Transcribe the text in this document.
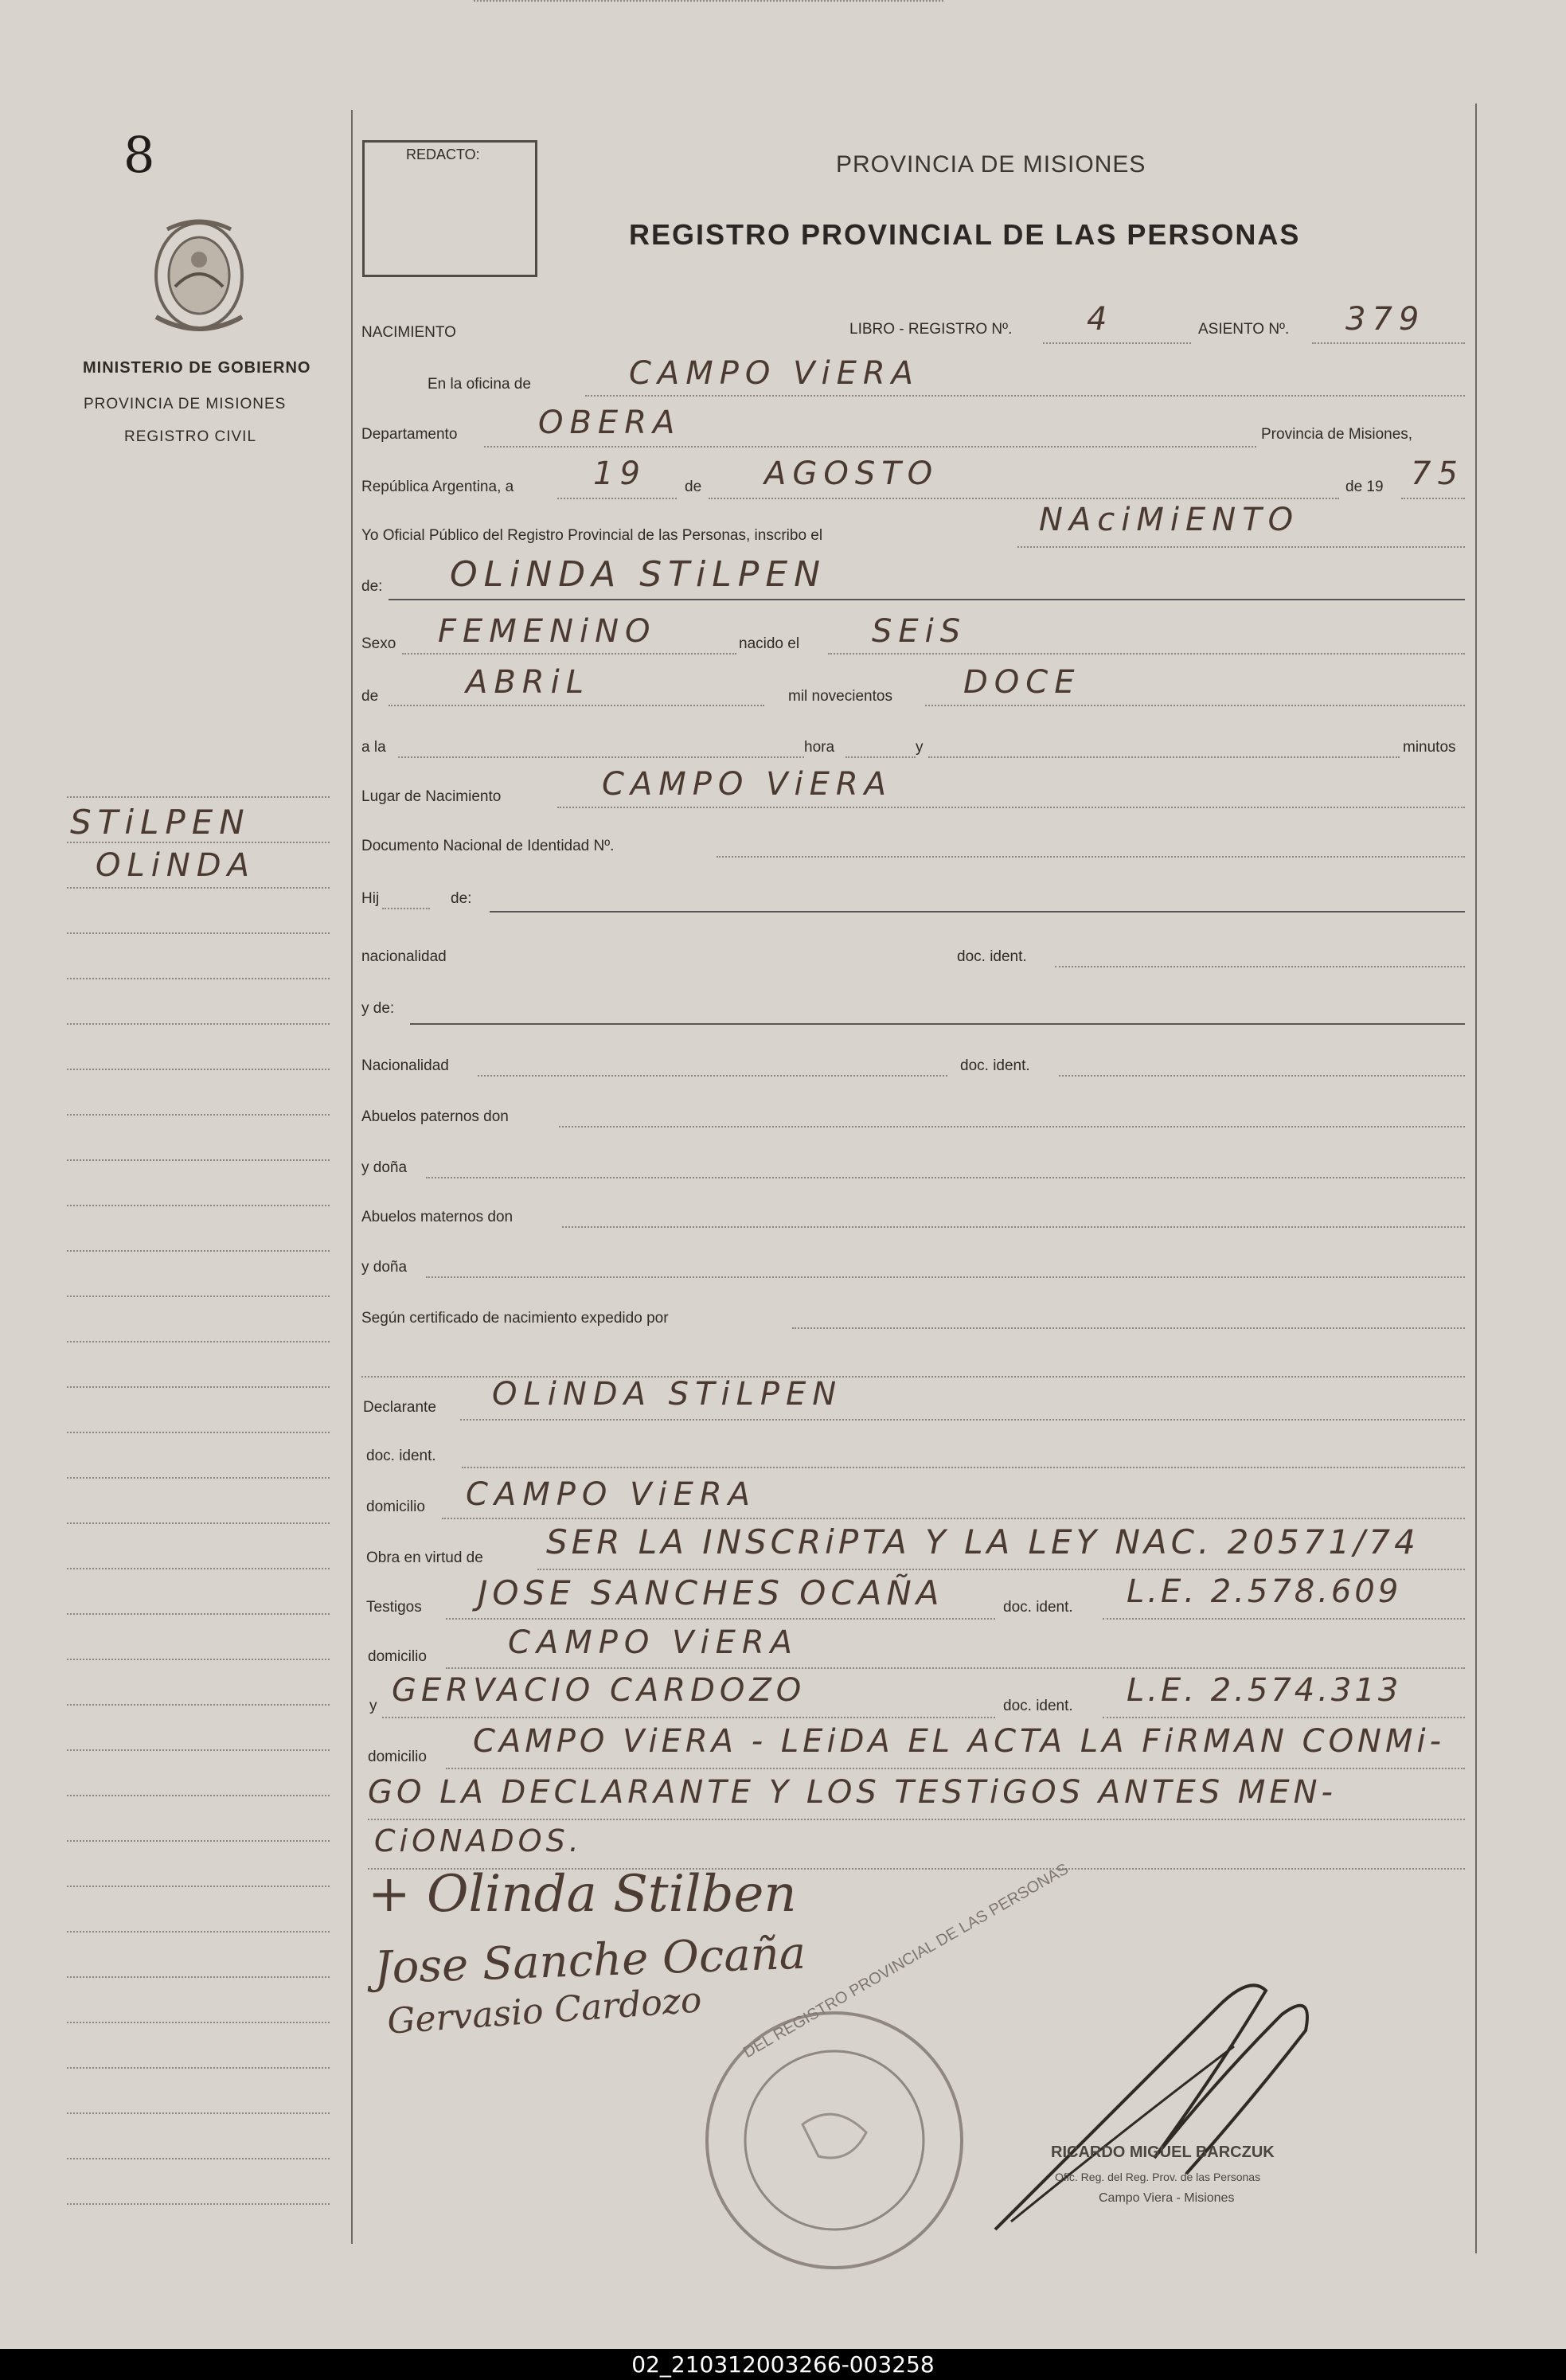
8
MINISTERIO DE GOBIERNO
PROVINCIA DE MISIONES
REGISTRO CIVIL
STiLPEN
OLiNDA
REDACTO:	PROVINCIA DE MISIONES
REGISTRO PROVINCIAL DE LAS PERSONAS
NACIMIENTO	LIBRO - REGISTRO Nº. 4	ASIENTO Nº. 379
En la oficina de	CAMPO ViERA
Departamento	OBERA	Provincia de Misiones,
República Argentina, a 19	de AGOSTO	de 19 75
Yo Oficial Público del Registro Provincial de las Personas, inscribo el	NAciMiENTO
de: OLiNDA STiLPEN
Sexo FEMENiNO	nacido el SEiS
de	ABRiL	mil novecientos DOCE
a la	hora	y	minutos
Lugar de Nacimiento	CAMPO ViERA
Documento Nacional de Identidad Nº.
Hij	de:
nacionalidad	doc. ident.
y de:
Nacionalidad	doc. ident.
Abuelos paternos don
y doña
Abuelos maternos don
y doña
Según certificado de nacimiento expedido por
Declarante OLiNDA STiLPEN
doc. ident.
domicilio CAMPO ViERA
Obra en virtud de SER LA INSCRiPTA Y LA LEY NAC. 20571/74
Testigos JOSE SANCHES OCAÑA	doc. ident. L.E. 2.578.609
domicilio	CAMPO ViERA
y GERVACIO CARDOZO	doc. ident. L.E. 2.574.313
domicilio CAMPO ViERA - LEiDA EL ACTA LA FiRMAN CONMi-
GO LA DECLARANTE Y LOS TESTiGOS ANTES MEN-
CiONADOS.
+ Olinda Stilben
Jose Sanche Ocaña
Gervasio Cardozo DEL REGISTRO PROVINCIAL DE LAS PERSONAS
RICARDO MIGUEL BARCZUK
Ofic. Reg. del Reg. Prov. de las Personas
Campo Viera - Misiones
02_210312003266-003258
